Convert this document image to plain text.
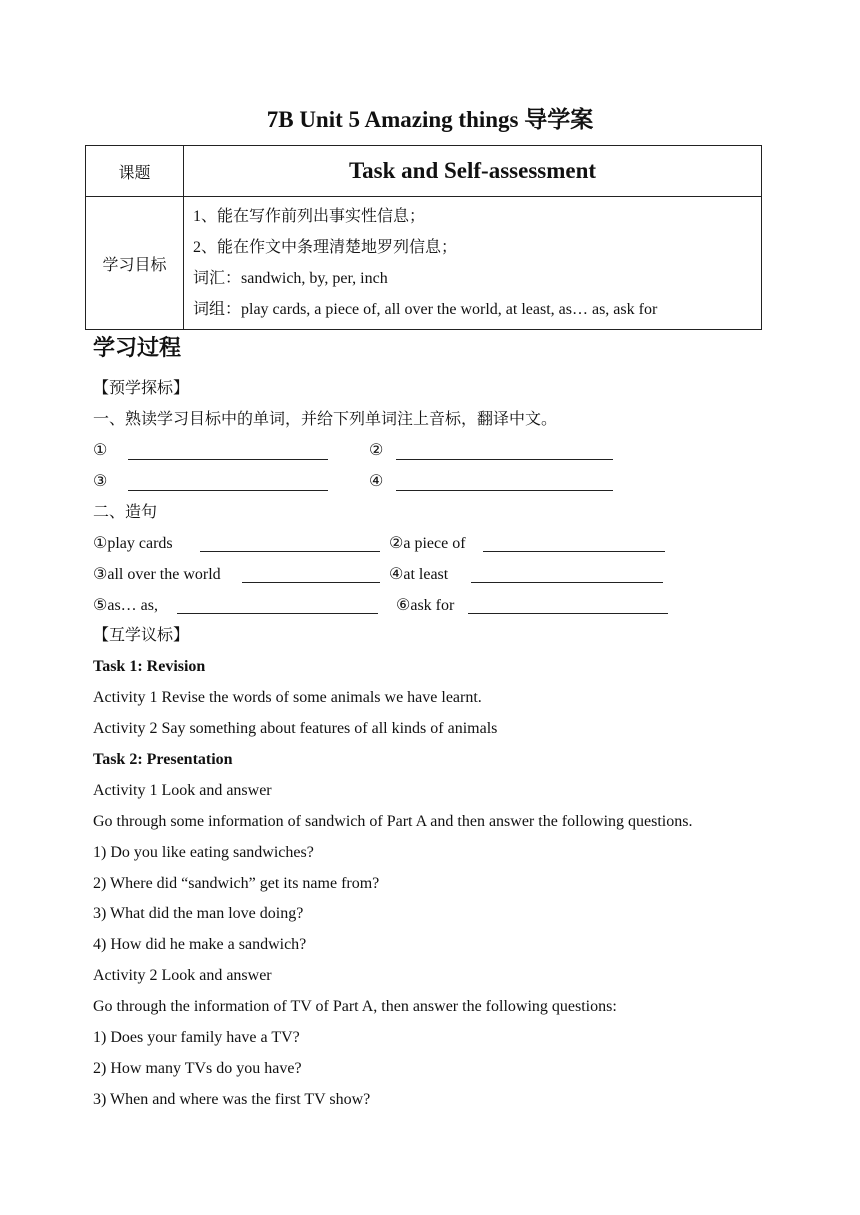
7B Unit 5 Amazing things 导学案
课题	Task and Self-assessment
学习目标	1、能在写作前列出事实性信息；
2、能在作文中条理清楚地罗列信息；
词汇：sandwich, by, per, inch
词组：play cards, a piece of, all over the world, at least, as… as, ask for
学习过程
【预学探标】
一、熟读学习目标中的单词，并给下列单词注上音标，翻译中文。
①	②
③	④
二、造句
①play cards	②a piece of
③all over the world	④at least
⑤as… as,	⑥ask for
【互学议标】
Task 1: Revision
Activity 1 Revise the words of some animals we have learnt.
Activity 2 Say something about features of all kinds of animals
Task 2: Presentation
Activity 1 Look and answer
Go through some information of sandwich of Part A and then answer the following questions.
1) Do you like eating sandwiches?
2) Where did “sandwich” get its name from?
3) What did the man love doing?
4) How did he make a sandwich?
Activity 2 Look and answer
Go through the information of TV of Part A, then answer the following questions:
1) Does your family have a TV?
2) How many TVs do you have?
3) When and where was the first TV show?
